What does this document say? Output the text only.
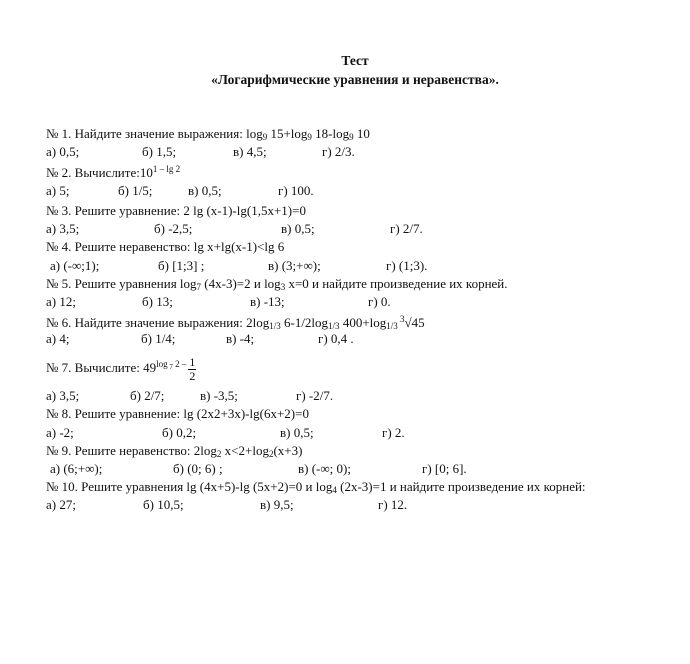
Тест
«Логарифмические уравнения и неравенства».
№ 1. Найдите значение выражения: $\log_9 15+\log_9$ $18-\log_9$ 10
а) 0,5;	б) 1,5;	в) 4,5;	г) 2/3.
№ 2. $Вычислите:10^{1 - lg 2}$
а) 5;	б) 1/5;	в) 0,5;	г) 100.
№ 3. Решите уравнение: 2 lg (x-1)-lg(1,5x+1)=0
а) 3,5;	б) -2,5;	в) 0,5;	г) 2/7.
№ 4. Решите неравенство: lg x+lg(x-1)<lg 6
а) (-∞;1);	б) [1;3] ;	в) (3;+∞);	г) (1;3).
№ 5. Решите уравнения $\log_7 (4x-3)=2$ и $\log_3 x=0$ и найдите произведение их корней.
а) 12;	б) 13;	в) -13;	г) 0.
№ 6. Найдите значение выражения: $2\log_{1/3}$ $6-1/2\log_{1/3}$ $400+\log_{1/3}$ $^3$√45
а) 4;	б) 1/4;	в) -4;	г) 0,4 .
№ 7. Вычислите: $49^{log _7 2 -} \frac{1}{2}$
а) 3,5;	б) 2/7;	в) -3,5;	г) -2/7.
№ 8. Решите уравнение: lg (2x2+3x)-lg(6x+2)=0
а) -2;	б) 0,2;	в) 0,5;	г) 2.
№ 9. Решите неравенство: $2\log_2$ $x<2+\log_2(x+3)$
а) (6;+∞);	б) (0; 6) ;	в) (-∞; 0);	г) [0; 6].
№ 10. Решите уравнения lg (4x+5)-lg (5x+2)=0 и $\log_4 (2x-3)=1$ и найдите произведение их корней:
а) 27;	б) 10,5;	в) 9,5;	г) 12.
